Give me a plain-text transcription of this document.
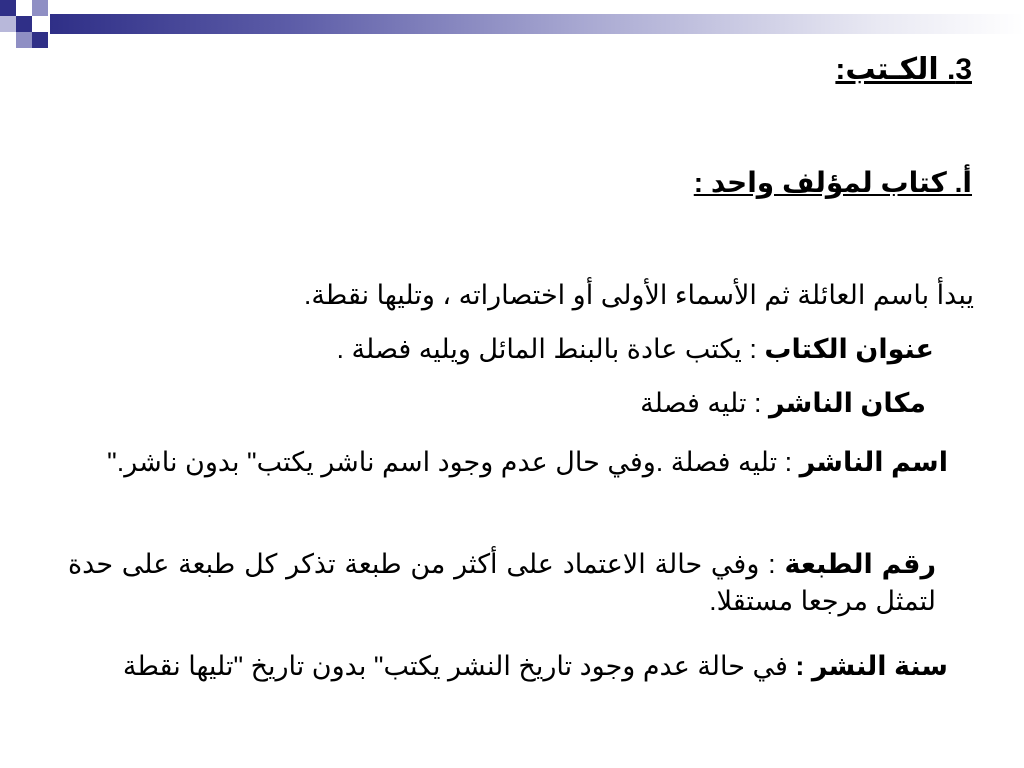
3. الكـتب:
أ. كتاب لمؤلف واحد :
يبدأ باسم العائلة ثم الأسماء الأولى أو اختصاراته ، وتليها نقطة.
عنوان الكتاب : يكتب عادة بالبنط المائل ويليه فصلة .
مكان الناشر : تليه فصلة
اسم الناشر : تليه فصلة .وفي حال عدم وجود اسم ناشر يكتب" بدون ناشر."
رقم الطبعة : وفي حالة الاعتماد على أكثر من طبعة تذكر كل طبعة على حدة لتمثل مرجعا مستقلا.
سنة النشر : في حالة عدم وجود تاريخ النشر يكتب" بدون تاريخ "تليها نقطة
